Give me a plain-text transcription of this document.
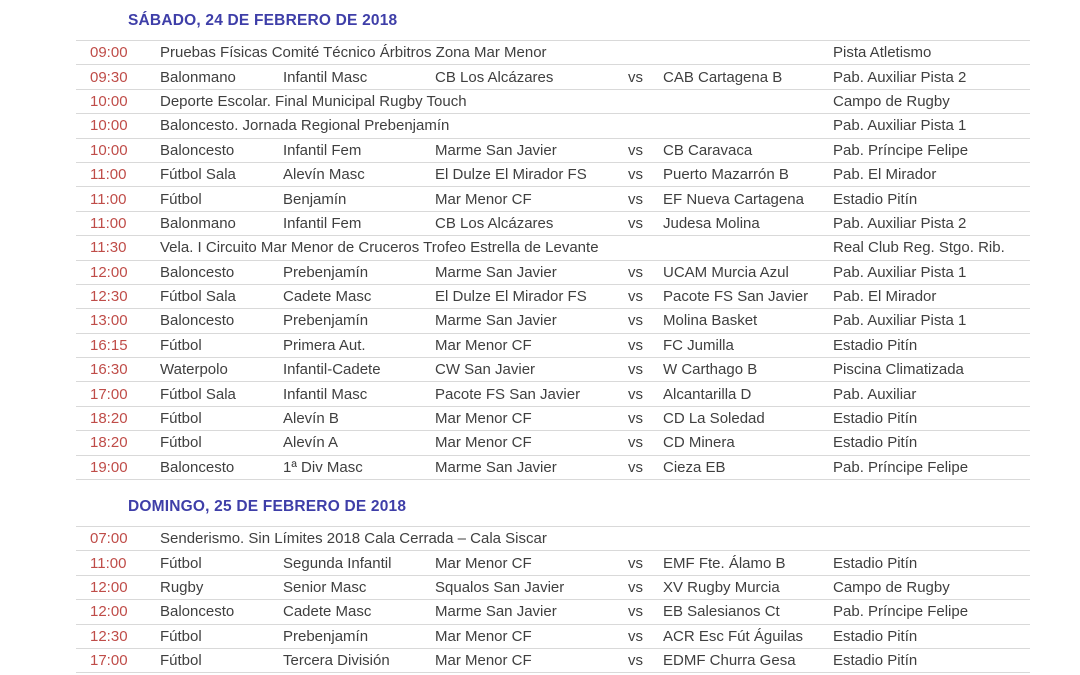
SÁBADO, 24 DE FEBRERO DE 2018
09:00	Pruebas Físicas Comité Técnico Árbitros Zona Mar Menor	Pista Atletismo
09:30	Balonmano	Infantil Masc	CB Los Alcázares	vs	CAB Cartagena B	Pab. Auxiliar Pista 2
10:00	Deporte Escolar. Final Municipal Rugby Touch	Campo de Rugby
10:00	Baloncesto. Jornada Regional Prebenjamín	Pab. Auxiliar Pista 1
10:00	Baloncesto	Infantil Fem	Marme San Javier	vs	CB Caravaca	Pab. Príncipe Felipe
11:00	Fútbol Sala	Alevín Masc	El Dulze El Mirador FS	vs	Puerto Mazarrón B	Pab. El Mirador
11:00	Fútbol	Benjamín	Mar Menor CF	vs	EF Nueva Cartagena	Estadio Pitín
11:00	Balonmano	Infantil Fem	CB Los Alcázares	vs	Judesa Molina	Pab. Auxiliar Pista 2
11:30	Vela. I Circuito Mar Menor de Cruceros Trofeo Estrella de Levante	Real Club Reg. Stgo. Rib.
12:00	Baloncesto	Prebenjamín	Marme San Javier	vs	UCAM Murcia Azul	Pab. Auxiliar Pista 1
12:30	Fútbol Sala	Cadete Masc	El Dulze El Mirador FS	vs	Pacote FS San Javier	Pab. El Mirador
13:00	Baloncesto	Prebenjamín	Marme San Javier	vs	Molina Basket	Pab. Auxiliar Pista 1
16:15	Fútbol	Primera Aut.	Mar Menor CF	vs	FC Jumilla	Estadio Pitín
16:30	Waterpolo	Infantil-Cadete	CW San Javier	vs	W Carthago B	Piscina Climatizada
17:00	Fútbol Sala	Infantil Masc	Pacote FS San Javier	vs	Alcantarilla D	Pab. Auxiliar
18:20	Fútbol	Alevín B	Mar Menor CF	vs	CD La Soledad	Estadio Pitín
18:20	Fútbol	Alevín A	Mar Menor CF	vs	CD Minera	Estadio Pitín
19:00	Baloncesto	1ª Div Masc	Marme San Javier	vs	Cieza EB	Pab. Príncipe Felipe
DOMINGO, 25 DE FEBRERO DE 2018
07:00	Senderismo. Sin Límites 2018 Cala Cerrada – Cala Siscar
11:00	Fútbol	Segunda Infantil	Mar Menor CF	vs	EMF Fte. Álamo B	Estadio Pitín
12:00	Rugby	Senior Masc	Squalos San Javier	vs	XV Rugby Murcia	Campo de Rugby
12:00	Baloncesto	Cadete Masc	Marme San Javier	vs	EB Salesianos Ct	Pab. Príncipe Felipe
12:30	Fútbol	Prebenjamín	Mar Menor CF	vs	ACR Esc Fút Águilas	Estadio Pitín
17:00	Fútbol	Tercera División	Mar Menor CF	vs	EDMF Churra Gesa	Estadio Pitín
